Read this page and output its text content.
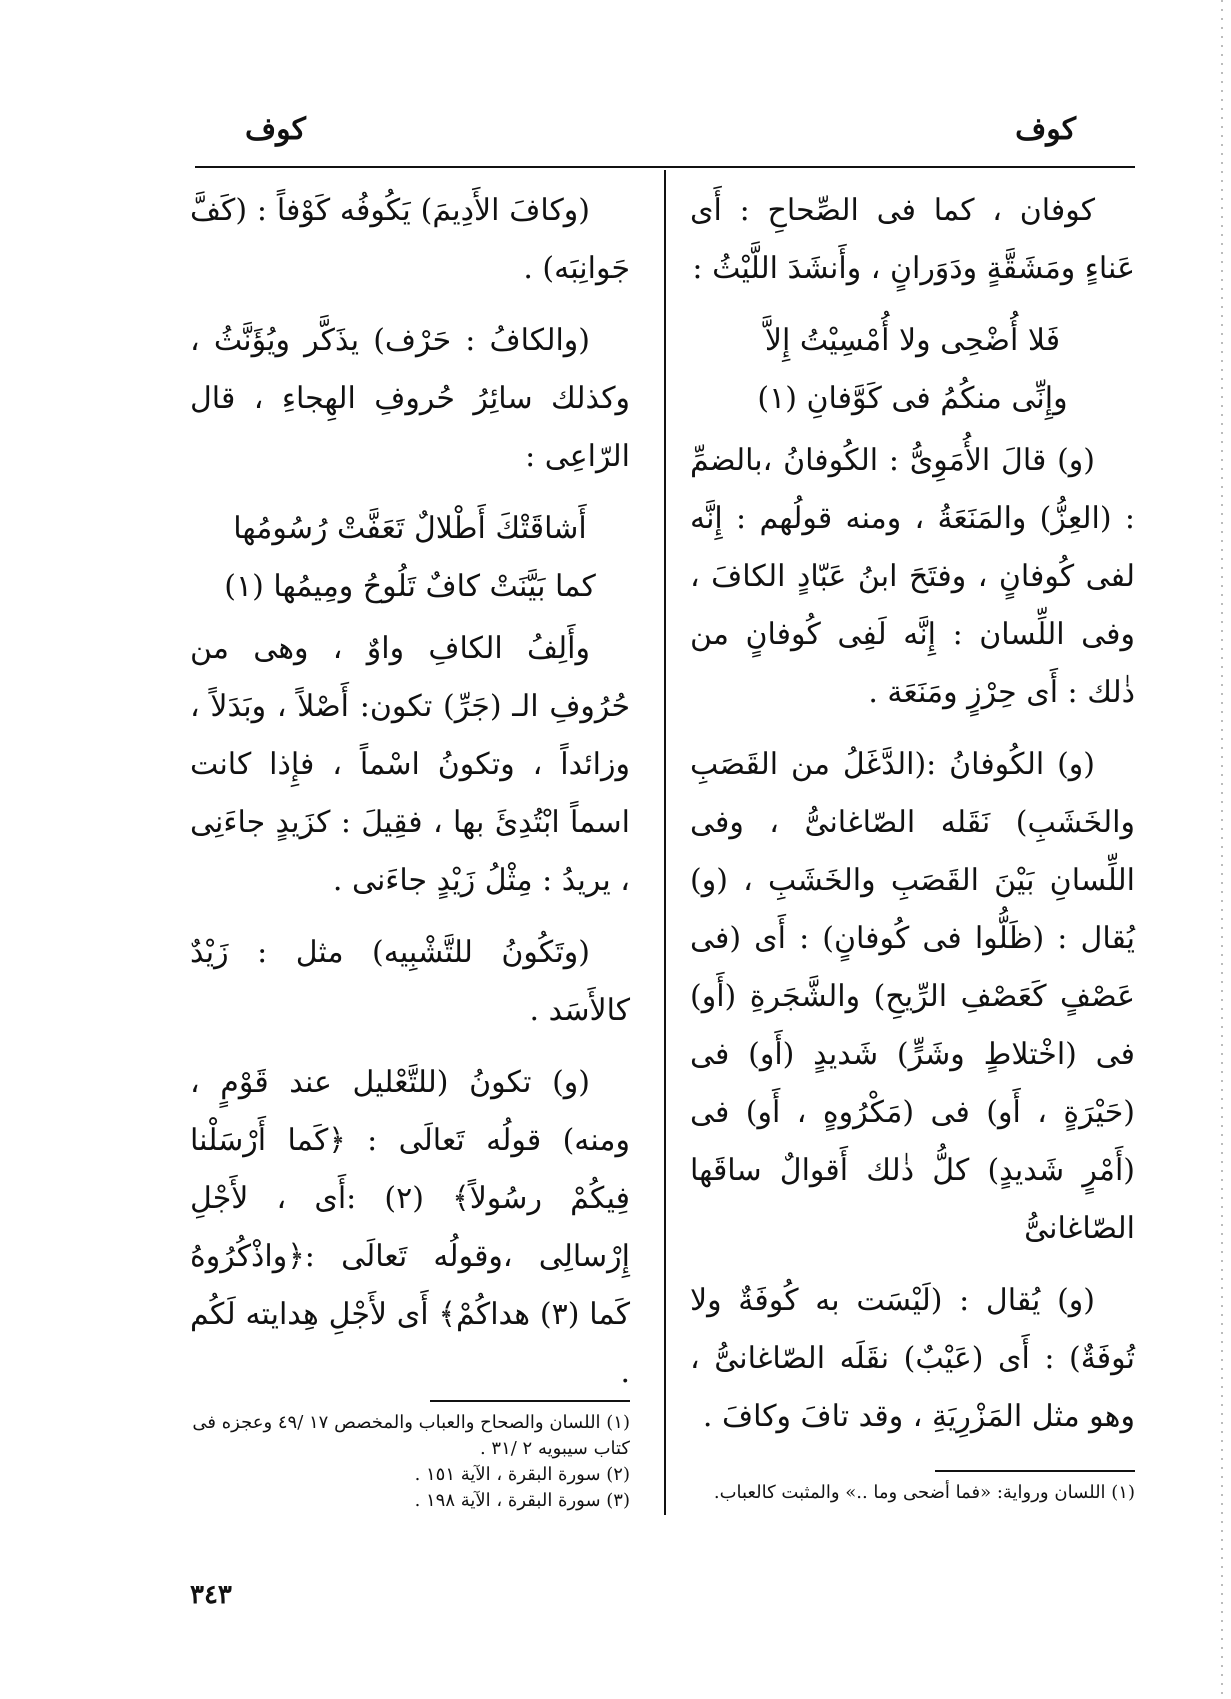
كوف
كوف

كوفان ، كما فى الصِّحاحِ : أَى عَناءٍ ومَشَقَّةٍ ودَوَرانٍ ، وأَنشَدَ اللَّيْثُ :

فَلا أُضْحِى ولا أُمْسِيْتُ إِلاَّ
وإِنِّى منكُمُ فى كَوَّفانِ (١)

(و) قالَ الأُمَوِىُّ : الكُوفانُ ،بالضمِّ : (العِزُّ) والمَنَعَةُ ، ومنه قولُهم : إِنَّه لفى كُوفانٍ ، وفتَحَ ابنُ عَبّادٍ الكافَ ، وفى اللِّسان : إِنَّه لَفِى كُوفانٍ من ذٰلك : أَى حِرْزٍ ومَنَعَة .

(و) الكُوفانُ :(الدَّغَلُ من القَصَبِ والخَشَبِ) نَقَله الصّاغانىُّ ، وفى اللِّسانِ بَيْنَ القَصَبِ والخَشَبِ ، (و) يُقال : (ظَلُّوا فى كُوفانٍ) : أَى (فى عَصْفٍ كَعَصْفِ الرِّيحِ) والشَّجَرةِ (أَو) فى (اخْتلاطٍ وشَرٍّ) شَديدٍ (أَو) فى (حَيْرَةٍ ، أَو) فى (مَكْرُوهٍ ، أَو) فى (أَمْرٍ شَديدٍ) كلُّ ذٰلك أَقوالٌ ساقَها الصّاغانىُّ

(و) يُقال : (لَيْسَت به كُوفَةٌ ولا تُوفَةٌ) : أَى (عَيْبٌ) نقَلَه الصّاغانىُّ ، وهو مثل المَزْرِيَةِ ، وقد تافَ وكافَ .

(وكافَ الأَدِيمَ) يَكُوفُه كَوْفاً : (كَفَّ جَوانِبَه) .

(والكافُ : حَرْف) يذَكَّر ويُؤَنَّثُ ، وكذلك سائِرُ حُروفِ الهِجاءِ ، قال الرّاعِى :

أَشاقَتْكَ أَطْلالٌ تَعَفَّتْ رُسُومُها
كما بَيَّنَتْ كافٌ تَلُوحُ ومِيمُها (١)

وأَلِفُ الكافِ واوٌ ، وهى من حُرُوفِ الـ (جَرِّ) تكون: أَصْلاً ، وبَدَلاً ، وزائداً ، وتكونُ اسْماً ، فإِذا كانت اسماً ابْتُدِئَ بها ، فقِيلَ : كزَيدٍ جاءَنِى ، يريدُ : مِثْلُ زَيْدٍ جاءَنى .

(وتَكُونُ للتَّشْبِيه) مثل : زَيْدٌ كالأَسَد .

(و) تكونُ (للتَّعْليل عند قَوْمٍ ، ومنه) قولُه تَعالَى : ﴿كَما أَرْسَلْنا فِيكُمْ رسُولاً﴾ (٢) :أَى ، لأَجْلِ إِرْسالِى ،وقولُه تَعالَى :﴿واذْكُرُوهُ كَما (٣) هداكُمْ﴾ أَى لأَجْلِ هِدايته لَكُم .

(١) اللسان ورواية: «فما أضحى وما ..» والمثبت كالعباب.

(١) اللسان والصحاح والعباب والمخصص ١٧ /٤٩ وعجزه فى كتاب سيبويه ٢ /٣١ .

(٢) سورة البقرة ، الآية ١٥١ .

(٣) سورة البقرة ، الآية ١٩٨ .

٣٤٣
